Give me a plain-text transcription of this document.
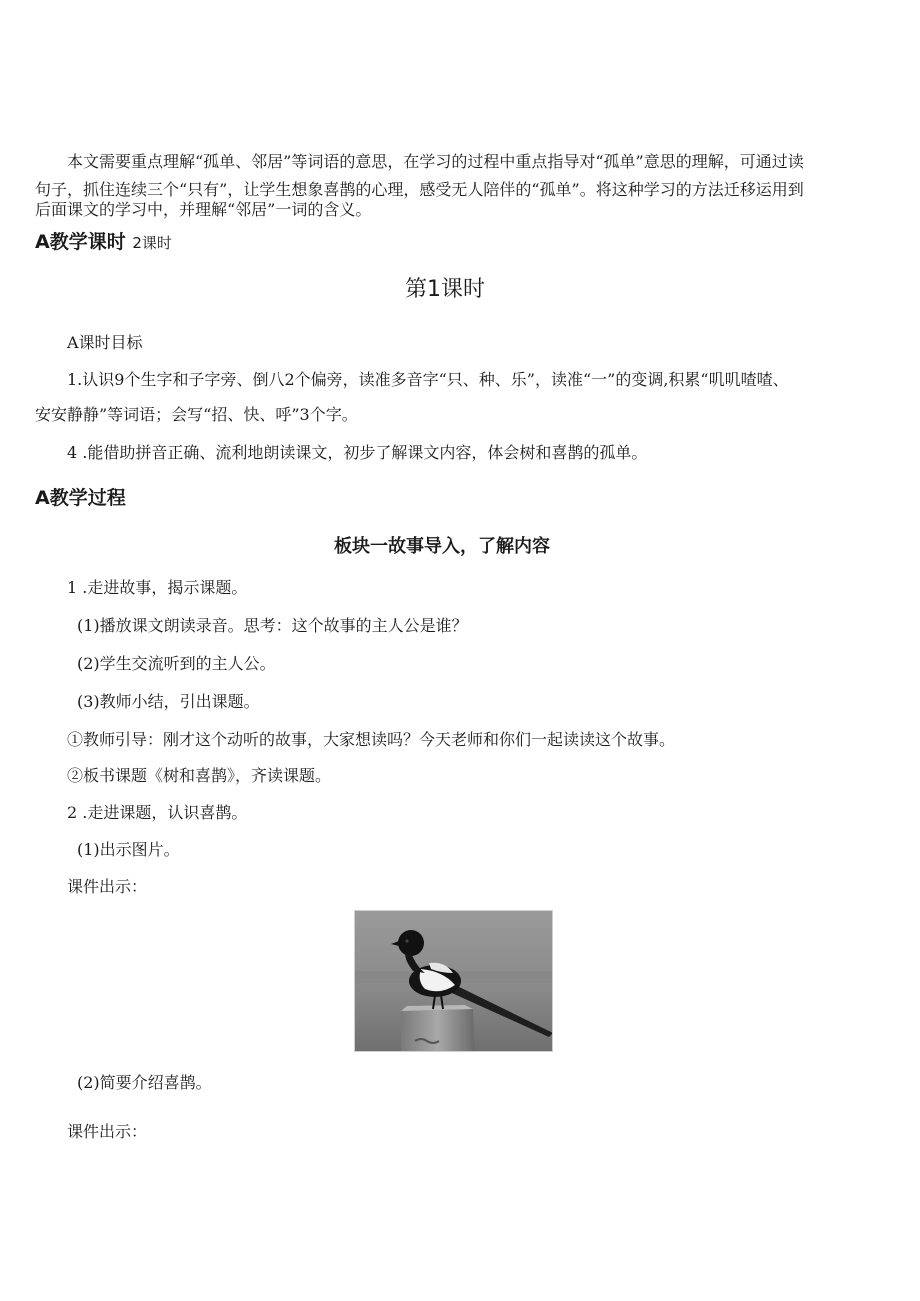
本文需要重点理解“孤单、邻居”等词语的意思，在学习的过程中重点指导对“孤单”意思的理解，可通过读
句子，抓住连续三个“只有”，让学生想象喜鹊的心理，感受无人陪伴的“孤单”。将这种学习的方法迁移运用到
后面课文的学习中，并理解“邻居”一词的含义。
A教学课时 2课时
第1课时
A课时目标
1.认识9个生字和子字旁、倒八2个偏旁，读准多音字“只、种、乐”，读准“一”的变调,积累“叽叽喳喳、
安安静静”等词语；会写“招、快、呼”3个字。
4 .能借助拼音正确、流利地朗读课文，初步了解课文内容，体会树和喜鹊的孤单。
A教学过程
板块一故事导入，了解内容
1 .走进故事，揭示课题。
(1)播放课文朗读录音。思考：这个故事的主人公是谁？
(2)学生交流听到的主人公。
(3)教师小结，引出课题。
①教师引导：刚才这个动听的故事，大家想读吗？今天老师和你们一起读读这个故事。
②板书课题《树和喜鹊》，齐读课题。
2 .走进课题，认识喜鹊。
(1)出示图片。
课件出示：
(2)简要介绍喜鹊。
课件出示：
